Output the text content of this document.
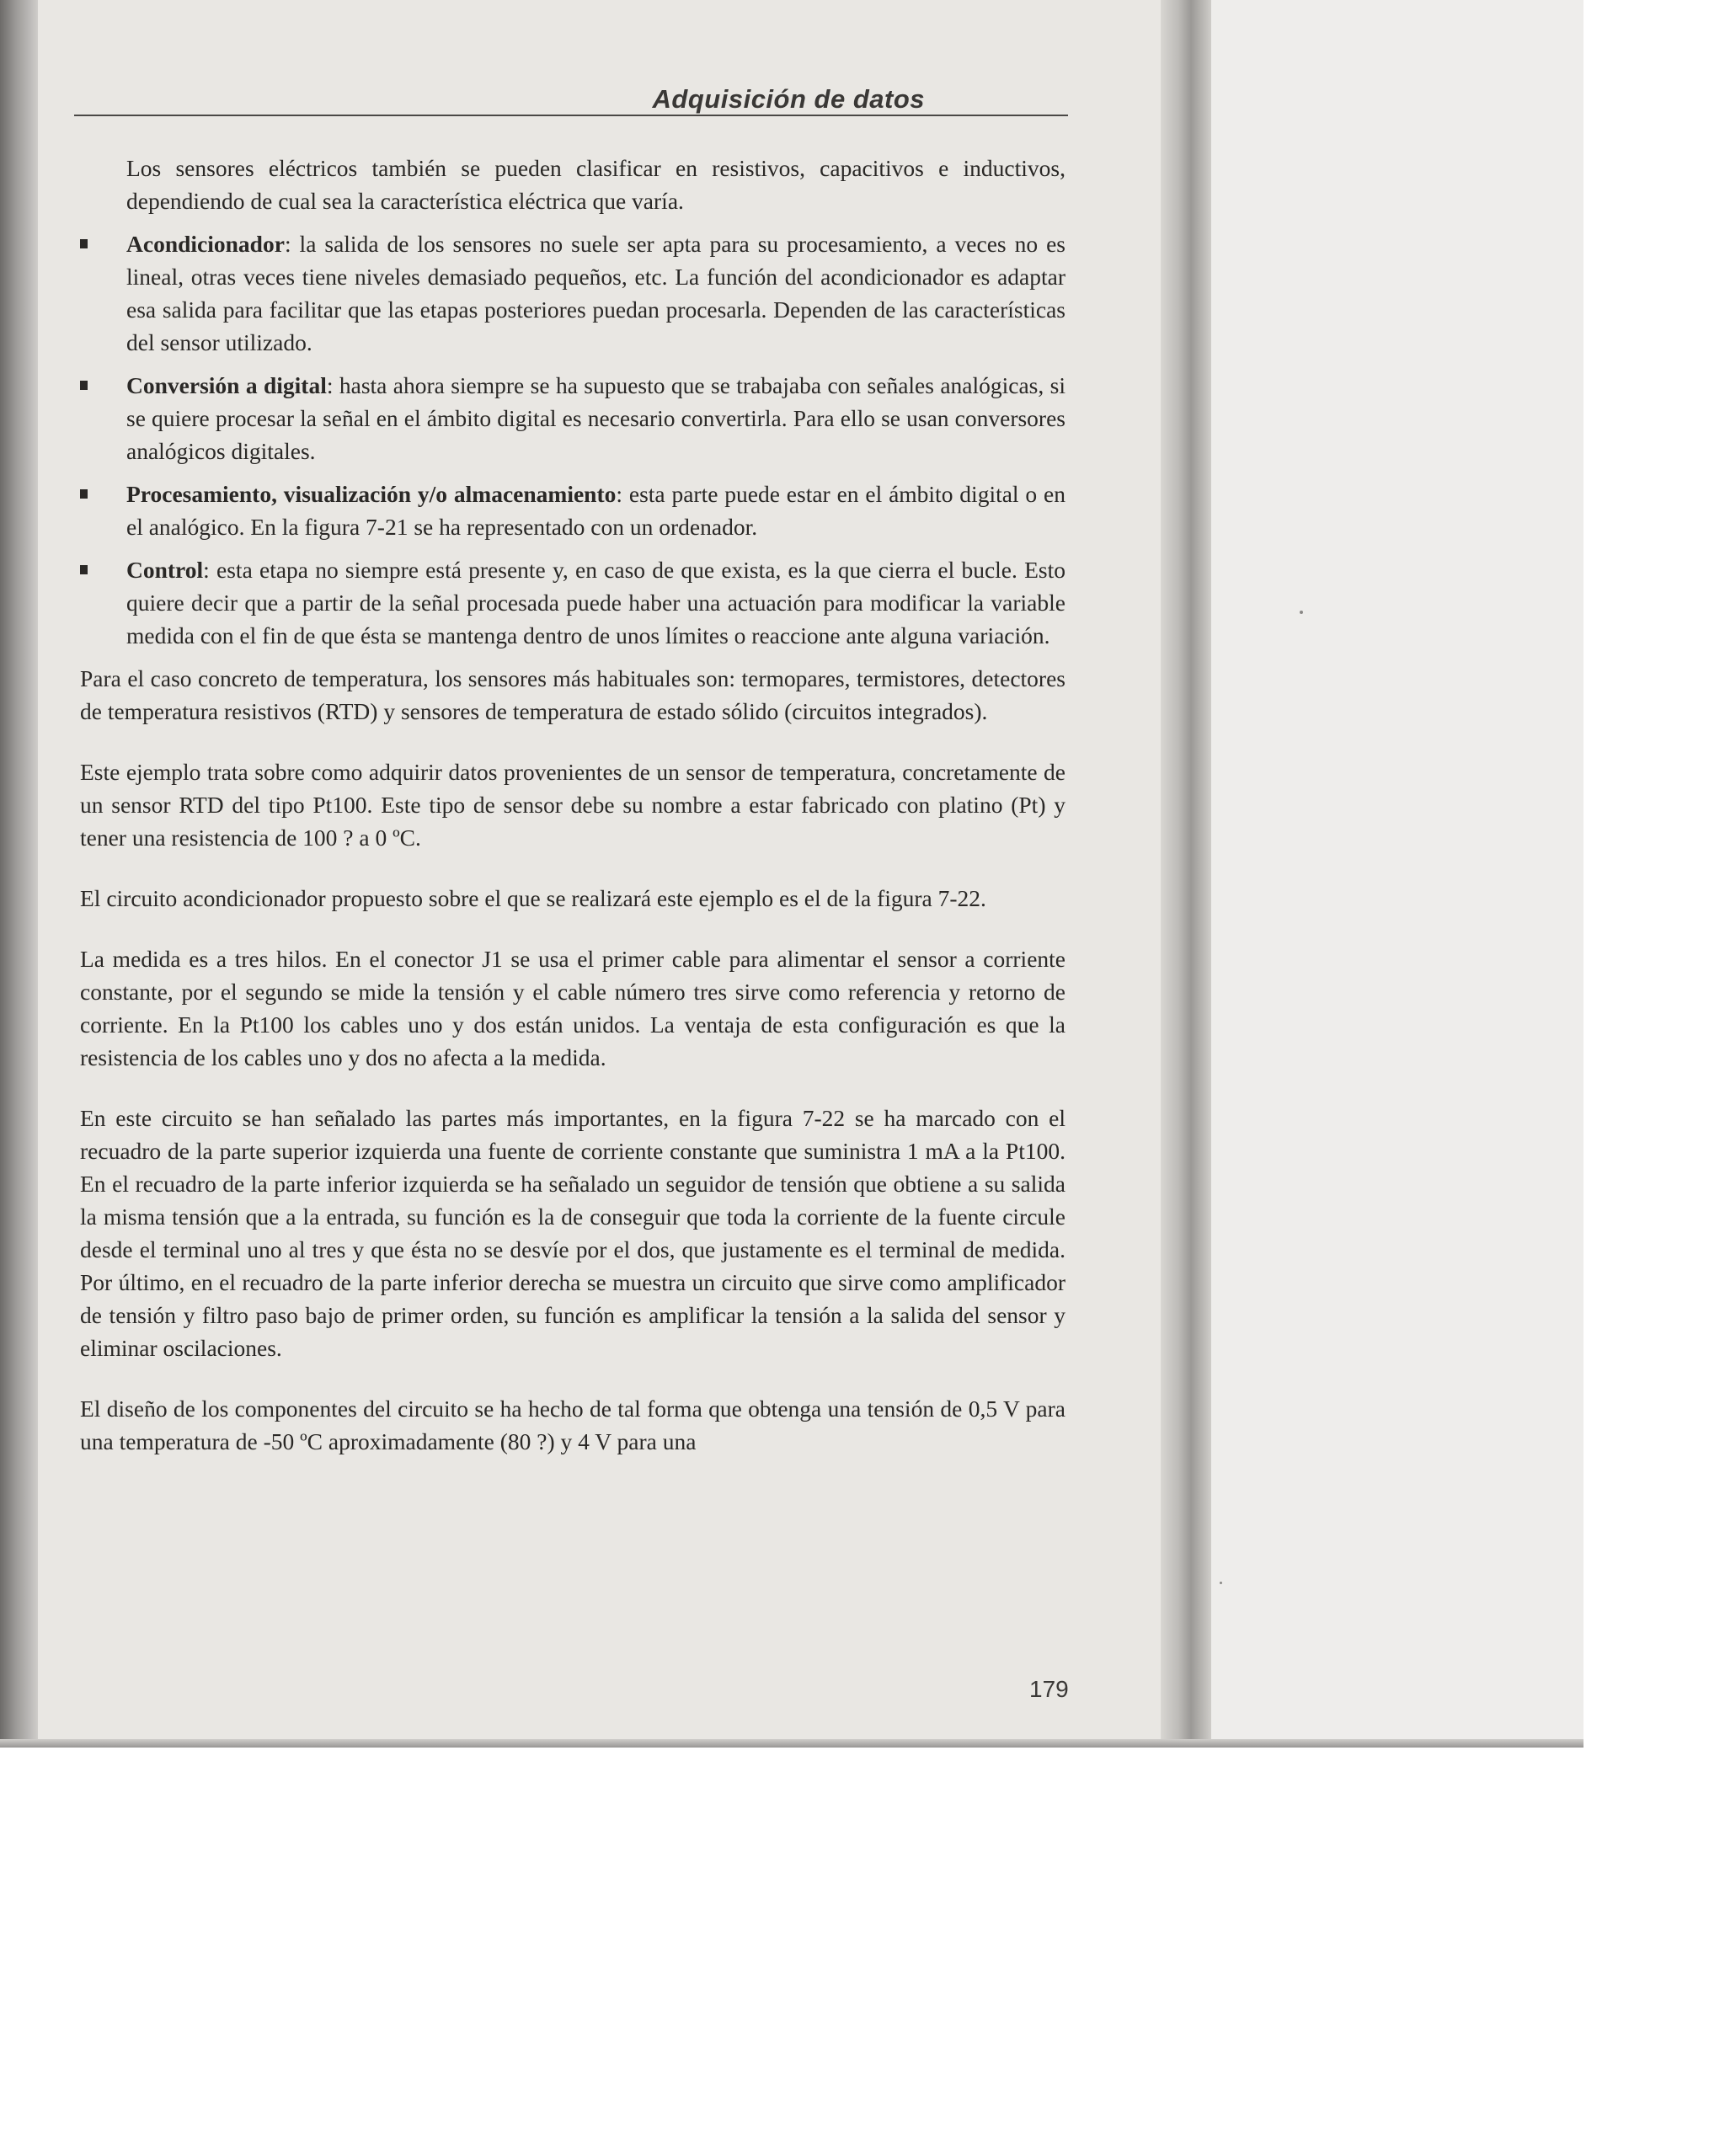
Adquisición de datos

Los sensores eléctricos también se pueden clasificar en resistivos, capacitivos e inductivos, dependiendo de cual sea la característica eléctrica que varía.

Acondicionador: la salida de los sensores no suele ser apta para su procesamiento, a veces no es lineal, otras veces tiene niveles demasiado pequeños, etc. La función del acondicionador es adaptar esa salida para facilitar que las etapas posteriores puedan procesarla. Dependen de las características del sensor utilizado.
Conversión a digital: hasta ahora siempre se ha supuesto que se trabajaba con señales analógicas, si se quiere procesar la señal en el ámbito digital es necesario convertirla. Para ello se usan conversores analógicos digitales.
Procesamiento, visualización y/o almacenamiento: esta parte puede estar en el ámbito digital o en el analógico. En la figura 7-21 se ha representado con un ordenador.
Control: esta etapa no siempre está presente y, en caso de que exista, es la que cierra el bucle. Esto quiere decir que a partir de la señal procesada puede haber una actuación para modificar la variable medida con el fin de que ésta se mantenga dentro de unos límites o reaccione ante alguna variación.

Para el caso concreto de temperatura, los sensores más habituales son: termopares, termistores, detectores de temperatura resistivos (RTD) y sensores de temperatura de estado sólido (circuitos integrados).

Este ejemplo trata sobre como adquirir datos provenientes de un sensor de temperatura, concretamente de un sensor RTD del tipo Pt100. Este tipo de sensor debe su nombre a estar fabricado con platino (Pt) y tener una resistencia de 100 ? a 0 ºC.

El circuito acondicionador propuesto sobre el que se realizará este ejemplo es el de la figura 7-22.

La medida es a tres hilos. En el conector J1 se usa el primer cable para alimentar el sensor a corriente constante, por el segundo se mide la tensión y el cable número tres sirve como referencia y retorno de corriente. En la Pt100 los cables uno y dos están unidos. La ventaja de esta configuración es que la resistencia de los cables uno y dos no afecta a la medida.

En este circuito se han señalado las partes más importantes, en la figura 7-22 se ha marcado con el recuadro de la parte superior izquierda una fuente de corriente constante que suministra 1 mA a la Pt100. En el recuadro de la parte inferior izquierda se ha señalado un seguidor de tensión que obtiene a su salida la misma tensión que a la entrada, su función es la de conseguir que toda la corriente de la fuente circule desde el terminal uno al tres y que ésta no se desvíe por el dos, que justamente es el terminal de medida. Por último, en el recuadro de la parte inferior derecha se muestra un circuito que sirve como amplificador de tensión y filtro paso bajo de primer orden, su función es amplificar la tensión a la salida del sensor y eliminar oscilaciones.

El diseño de los componentes del circuito se ha hecho de tal forma que obtenga una tensión de 0,5 V para una temperatura de -50 ºC aproximadamente (80 ?) y 4 V para una

179
